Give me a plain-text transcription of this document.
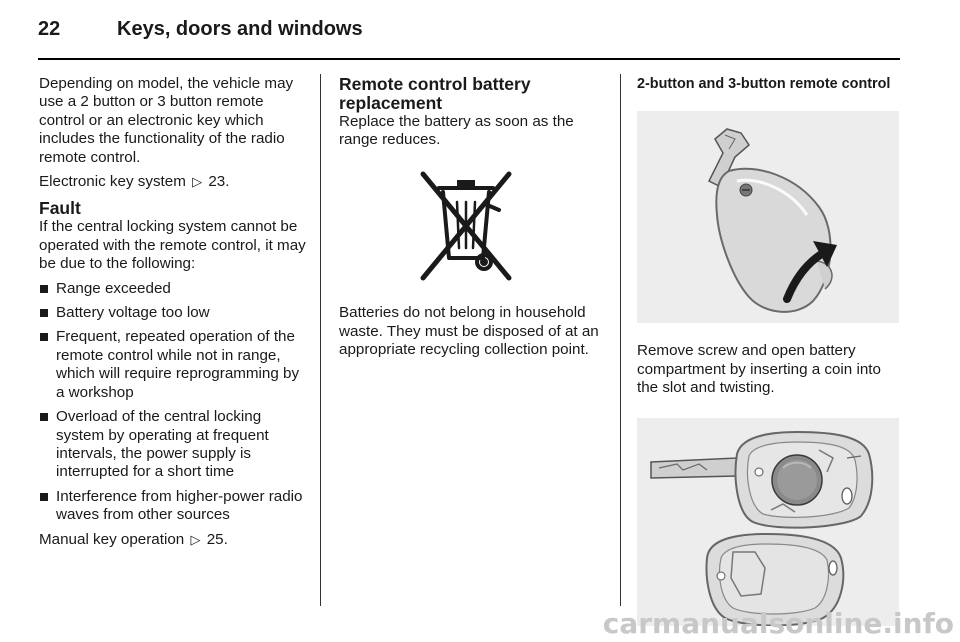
22	Keys, doors and windows

Depending on model, the vehicle may use a 2 button or 3 button remote control or an electronic key which includes the functionality of the radio remote control.

Electronic key system ▷ 23.

Fault

If the central locking system cannot be operated with the remote control, it may be due to the following:

Range exceeded
Battery voltage too low
Frequent, repeated operation of the remote control while not in range, which will require reprogramming by a workshop
Overload of the central locking system by operating at frequent intervals, the power supply is interrupted for a short time
Interference from higher-power radio waves from other sources

Manual key operation ▷ 25.

Remote control battery replacement

Replace the battery as soon as the range reduces.

Batteries do not belong in household waste. They must be disposed of at an appropriate recycling collection point.

2-button and 3-button remote control

Remove screw and open battery compartment by inserting a coin into the slot and twisting.

carmanualsonline.info
